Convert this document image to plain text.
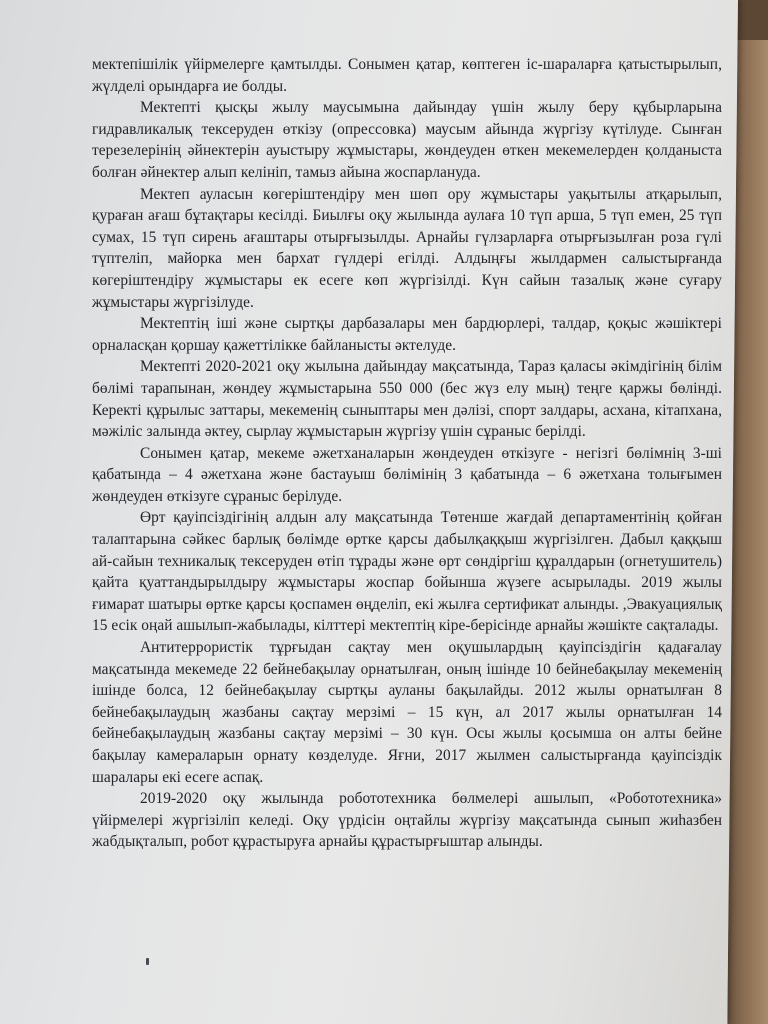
мектепішілік үйірмелерге қамтылды. Сонымен қатар, көптеген іс-шараларға қатыстырылып, жүлделі орындарға ие болды.

Мектепті қысқы жылу маусымына дайындау үшін жылу беру құбырларына гидравликалық тексеруден өткізу (опрессовка) маусым айында жүргізу күтілуде. Сынған терезелерінің әйнектерін ауыстыру жұмыстары, жөндеуден өткен мекемелерден қолданыста болған әйнектер алып келініп, тамыз айына жоспарлануда.

Мектеп ауласын көгерiштендiру мен шөп ору жұмыстары уақытылы атқарылып, қураған ағаш бұтақтары кесілді. Биылғы оқу жылында аулаға 10 түп арша, 5 түп емен, 25 түп сумах, 15 түп сирень ағаштары отырғызылды. Арнайы гүлзарларға отырғызылған роза гүлі түптеліп, майорка мен бархат гүлдері егілді. Алдыңғы жылдармен салыстырғанда көгеріштендіру жұмыстары ек есеге көп жүргізілді. Күн сайын тазалық және суғару жұмыстары жүргізілуде.

Мектептің іші және сыртқы дарбазалары мен бардюрлері, талдар, қоқыс жәшіктері орналасқан қоршау қажеттілікке байланысты әктелуде.

Мектепті 2020-2021 оқу жылына дайындау мақсатында, Тараз қаласы әкімдігінің білім бөлімі тарапынан, жөндеу жұмыстарына 550 000 (бес жүз елу мың) теңге қаржы бөлінді. Керекті құрылыс заттары, мекеменің сыныптары мен дәлізі, спорт залдары, асхана, кітапхана, мәжіліс залында әктеу, сырлау жұмыстарын жүргізу үшін сұраныс берілді.

Сонымен қатар, мекеме әжетханаларын жөндеуден өткізуге - негізгі бөлімнің 3-ші қабатында – 4 әжетхана және бастауыш бөлімінің 3 қабатында – 6 әжетхана толығымен жөндеуден өткізуге сұраныс берілуде.

Өрт қауіпсіздігінің алдын алу мақсатында Төтенше жағдай департаментінің қойған талаптарына сәйкес барлық бөлімде өртке қарсы дабылқаққыш жүргізілген. Дабыл қаққыш ай-сайын техникалық тексеруден өтіп тұрады және өрт сөндіргіш құралдарын (огнетушитель) қайта қуаттандырылдыру жұмыстары жоспар бойынша жүзеге асырылады. 2019 жылы ғимарат шатыры өртке қарсы қоспамен өңделіп, екі жылға сертификат алынды. ,Эвакуациялық 15 есік оңай ашылып-жабылады, кілттері мектептің кіре-берісінде арнайы жәшікте сақталады.

Антитеррористік тұрғыдан сақтау мен оқушылардың қауіпсіздігін қадағалау мақсатында мекемеде 22 бейнебақылау орнатылған, оның ішінде 10 бейнебақылау мекеменің ішінде болса, 12 бейнебақылау сыртқы ауланы бақылайды. 2012 жылы орнатылған 8 бейнебақылаудың жазбаны сақтау мерзімі – 15 күн, ал 2017 жылы орнатылған 14 бейнебақылаудың жазбаны сақтау мерзімі – 30 күн. Осы жылы қосымша он алты бейне бақылау камераларын орнату көзделуде. Яғни, 2017 жылмен салыстырғанда қауіпсіздік шаралары екі есеге аспақ.

2019-2020 оқу жылында робототехника бөлмелері ашылып, «Робототехника» үйірмелері жүргізіліп келеді. Оқу үрдісін оңтайлы жүргізу мақсатында сынып жиһазбен жабдықталып, робот құрастыруға арнайы құрастырғыштар алынды.
